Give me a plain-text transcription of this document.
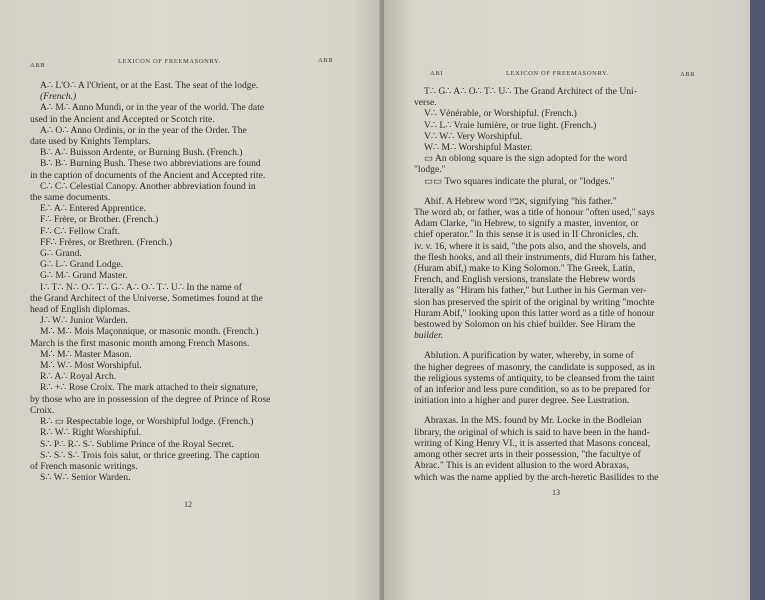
ABB
LEXICON OF FREEMASONRY.	ABB

A∴ L'O∴ A l'Orient, or at the East. The seat of the lodge.

(French.)

A∴ M∴ Anno Mundi, or in the year of the world. The date

used in the Ancient and Accepted or Scotch rite.

A∴ O∴ Anno Ordinis, or in the year of the Order. The

date used by Knights Templars.

B∴ A∴ Buisson Ardente, or Burning Bush. (French.)

B∴ B∴ Burning Bush. These two abbreviations are found

in the caption of documents of the Ancient and Accepted rite.

C∴ C∴ Celestial Canopy. Another abbreviation found in

the same documents.

E∴ A∴ Entered Apprentice.

F∴ Frère, or Brother. (French.)

F∴ C∴ Fellow Craft.

FF∴ Frères, or Brethren. (French.)

G∴ Grand.

G∴ L∴ Grand Lodge.

G∴ M∴ Grand Master.

I∴ T∴ N∴ O∴ T∴ G∴ A∴ O∴ T∴ U∴ In the name of

the Grand Architect of the Universe. Sometimes found at the

head of English diplomas.

J∴ W∴ Junior Warden.

M∴ M∴ Mois Maçonnique, or masonic month. (French.)

March is the first masonic month among French Masons.

M∴ M∴ Master Mason.

M∴ W∴ Most Worshipful.

R∴ A∴ Royal Arch.

R∴ +∴ Rose Croix. The mark attached to their signature,

by those who are in possession of the degree of Prince of Rose

Croix.

R∴ ▭ Respectable loge, or Worshipful lodge. (French.)

R∴ W∴ Right Worshipful.

S∴ P∴ R∴ S∴ Sublime Prince of the Royal Secret.

S∴ S∴ S∴ Trois fois salut, or thrice greeting. The caption

of French masonic writings.

S∴ W∴ Senior Warden.

12
ABI	LEXICON OF FREEMASONRY.	ABR

T∴ G∴ A∴ O∴ T∴ U∴ The Grand Architect of the Uni-

verse.

V∴ Vénérable, or Worshipful. (French.)

V∴ L∴ Vraie lumière, or true light. (French.)

V∴ W∴ Very Worshipful.

W∴ M∴ Worshipful Master.

▭ An oblong square is the sign adopted for the word

"lodge."

▭▭ Two squares indicate the plural, or "lodges."

Abif. A Hebrew word אביו, signifying "his father."

The word ab, or father, was a title of honour "often used," says

Adam Clarke, "in Hebrew, to signify a master, inventor, or

chief operator." In this sense it is used in II Chronicles, ch.

iv. v. 16, where it is said, "the pots also, and the shovels, and

the flesh hooks, and all their instruments, did Huram his father,

(Huram abif,) make to King Solomon." The Greek, Latin,

French, and English versions, translate the Hebrew words

literally as "Hiram his father," but Luther in his German ver-

sion has preserved the spirit of the original by writing "mochte

Huram Abif," looking upon this latter word as a title of honour

bestowed by Solomon on his chief builder. See Hiram the

builder.

Ablution. A purification by water, whereby, in some of

the higher degrees of masonry, the candidate is supposed, as in

the religious systems of antiquity, to be cleansed from the taint

of an inferior and less pure condition, so as to be prepared for

initiation into a higher and purer degree. See Lustration.

Abraxas. In the MS. found by Mr. Locke in the Bodleian

library, the original of which is said to have been in the hand-

writing of King Henry VI., it is asserted that Masons conceal,

among other secret arts in their possession, "the facultye of

Abrac." This is an evident allusion to the word Abraxas,

which was the name applied by the arch-heretic Basilides to the

13
